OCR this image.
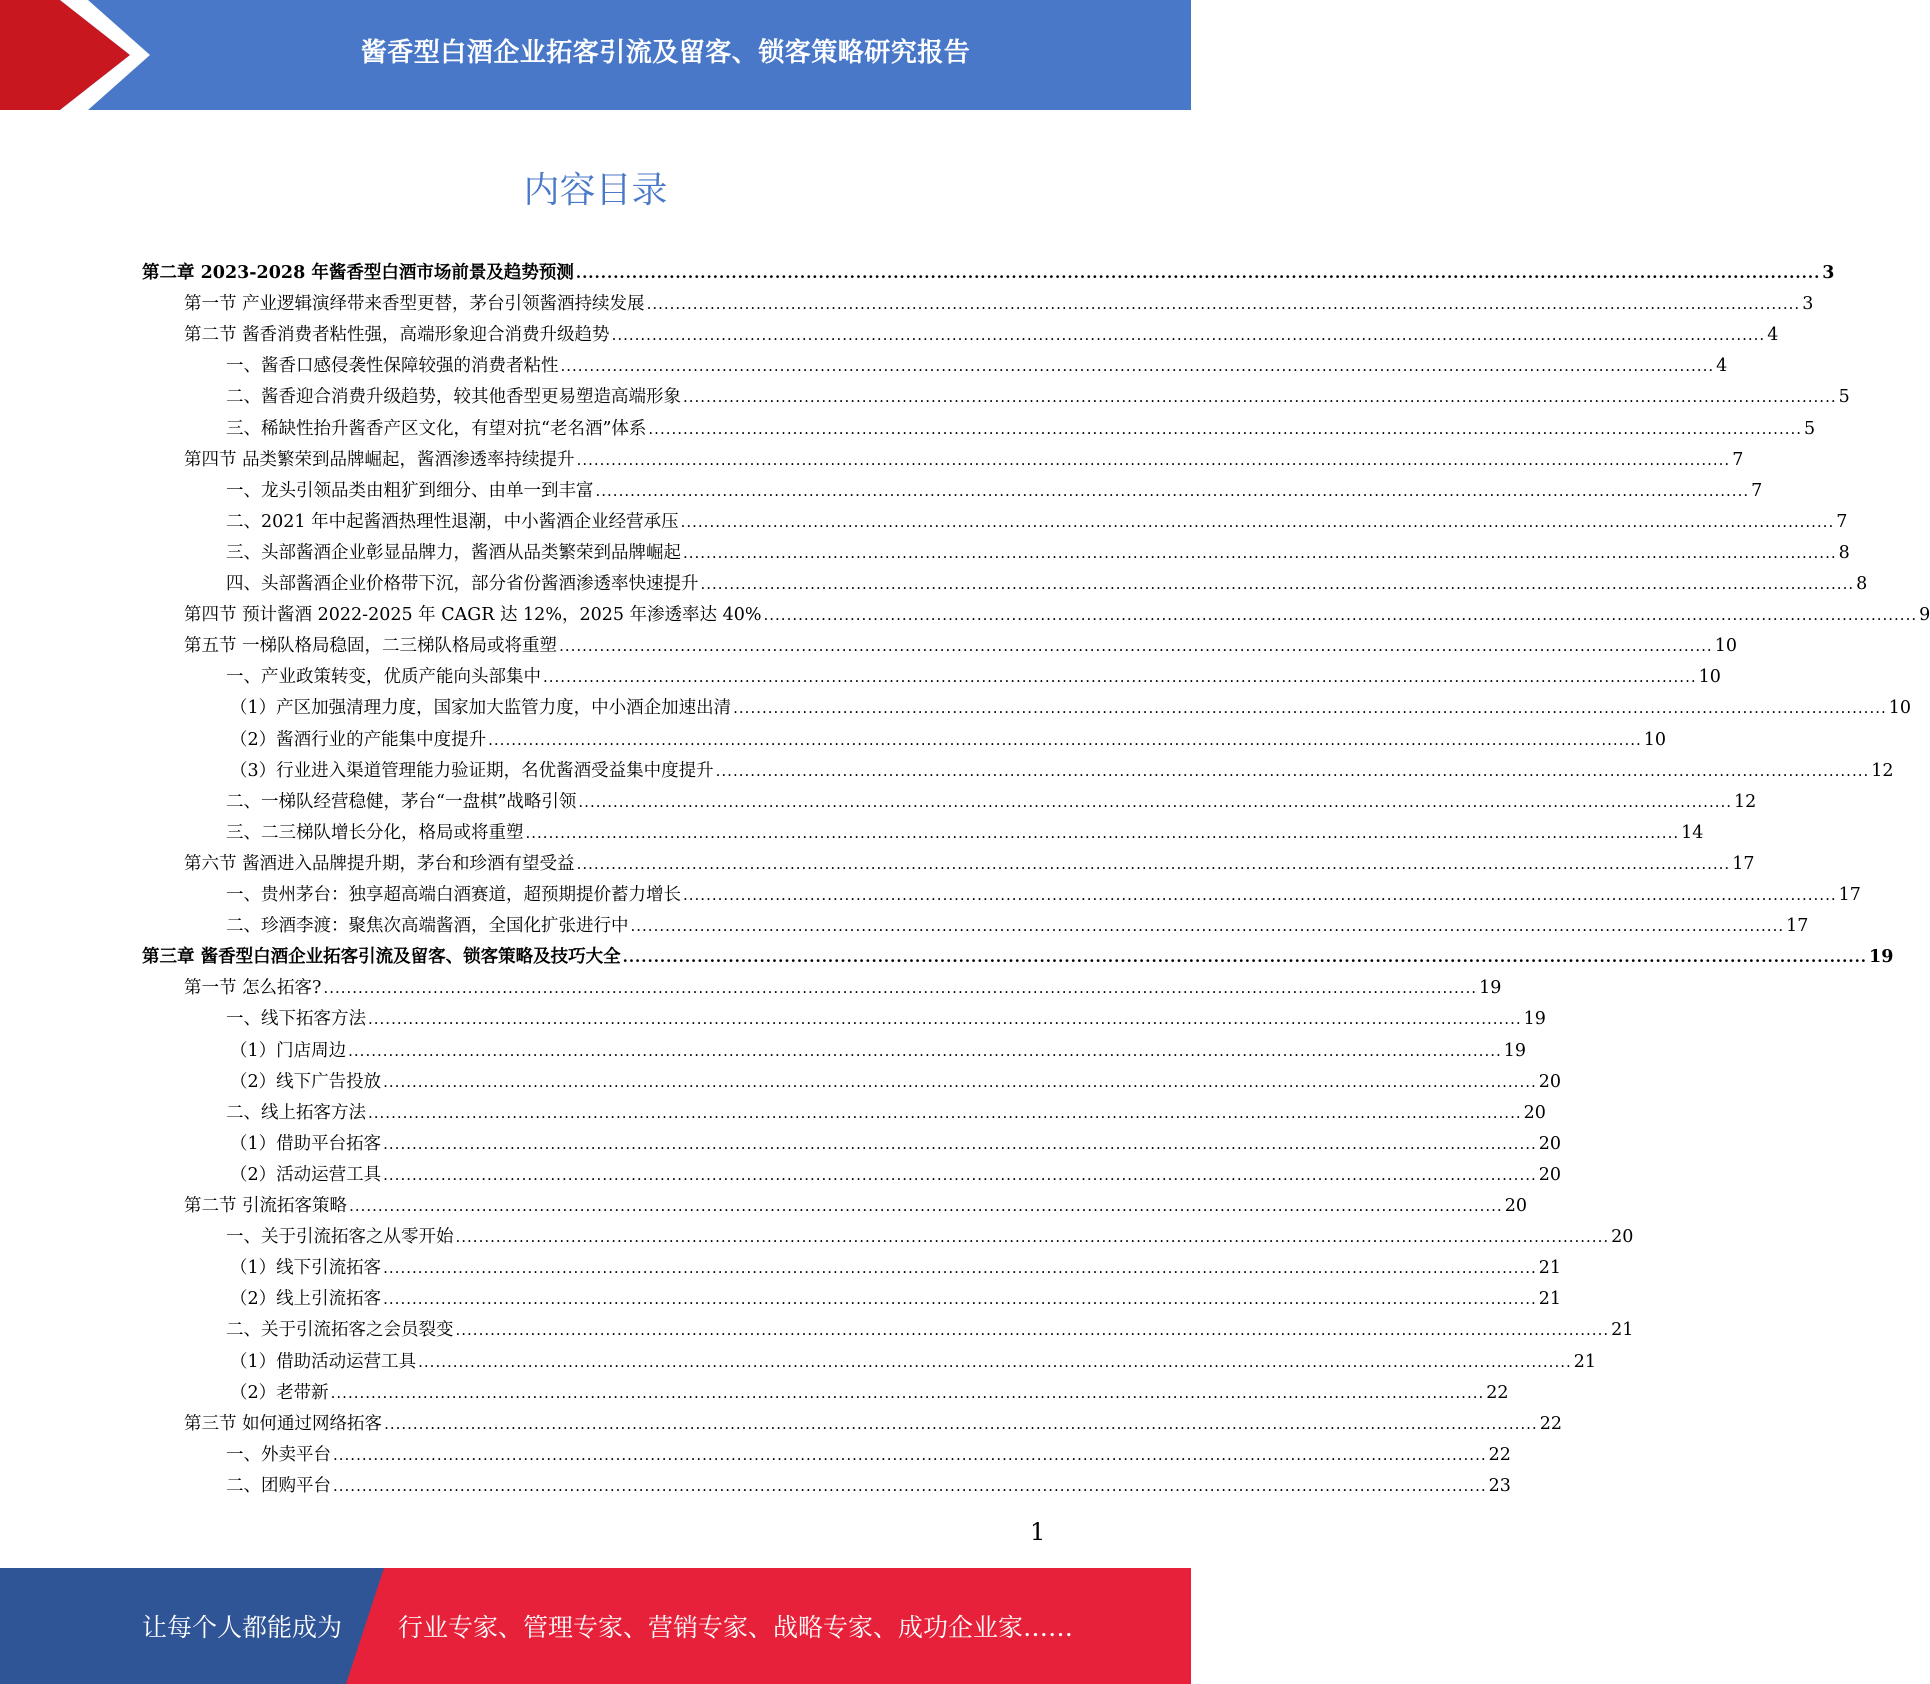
酱香型白酒企业拓客引流及留客、锁客策略研究报告
内容目录
第二章 2023-2028 年酱香型白酒市场前景及趋势预测 ........................................................................................................................................................................................................ 3
第一节 产业逻辑演绎带来香型更替，茅台引领酱酒持续发展 ........................................................................................................................................................................................................ 3
第二节 酱香消费者粘性强，高端形象迎合消费升级趋势 ........................................................................................................................................................................................................ 4
一、酱香口感侵袭性保障较强的消费者粘性 ........................................................................................................................................................................................................ 4
二、酱香迎合消费升级趋势，较其他香型更易塑造高端形象 ........................................................................................................................................................................................................ 5
三、稀缺性抬升酱香产区文化，有望对抗“老名酒”体系 ........................................................................................................................................................................................................ 5
第四节 品类繁荣到品牌崛起，酱酒渗透率持续提升 ........................................................................................................................................................................................................ 7
一、龙头引领品类由粗犷到细分、由单一到丰富 ........................................................................................................................................................................................................ 7
二、2021 年中起酱酒热理性退潮，中小酱酒企业经营承压 ........................................................................................................................................................................................................ 7
三、头部酱酒企业彰显品牌力，酱酒从品类繁荣到品牌崛起 ........................................................................................................................................................................................................ 8
四、头部酱酒企业价格带下沉，部分省份酱酒渗透率快速提升 ........................................................................................................................................................................................................ 8
第四节 预计酱酒 2022-2025 年 CAGR 达 12%，2025 年渗透率达 40% ........................................................................................................................................................................................................ 9
第五节 一梯队格局稳固，二三梯队格局或将重塑 ........................................................................................................................................................................................................ 10
一、产业政策转变，优质产能向头部集中 ........................................................................................................................................................................................................ 10
（1）产区加强清理力度，国家加大监管力度，中小酒企加速出清 ........................................................................................................................................................................................................ 10
（2）酱酒行业的产能集中度提升 ........................................................................................................................................................................................................ 10
（3）行业进入渠道管理能力验证期，名优酱酒受益集中度提升 ........................................................................................................................................................................................................ 12
二、一梯队经营稳健，茅台“一盘棋”战略引领 ........................................................................................................................................................................................................ 12
三、二三梯队增长分化，格局或将重塑 ........................................................................................................................................................................................................ 14
第六节 酱酒进入品牌提升期，茅台和珍酒有望受益 ........................................................................................................................................................................................................ 17
一、贵州茅台：独享超高端白酒赛道，超预期提价蓄力增长 ........................................................................................................................................................................................................ 17
二、珍酒李渡：聚焦次高端酱酒，全国化扩张进行中 ........................................................................................................................................................................................................ 17
第三章 酱香型白酒企业拓客引流及留客、锁客策略及技巧大全 ........................................................................................................................................................................................................ 19
第一节 怎么拓客? ........................................................................................................................................................................................................ 19
一、线下拓客方法 ........................................................................................................................................................................................................ 19
（1）门店周边 ........................................................................................................................................................................................................ 19
（2）线下广告投放 ........................................................................................................................................................................................................ 20
二、线上拓客方法 ........................................................................................................................................................................................................ 20
（1）借助平台拓客 ........................................................................................................................................................................................................ 20
（2）活动运营工具 ........................................................................................................................................................................................................ 20
第二节 引流拓客策略 ........................................................................................................................................................................................................ 20
一、关于引流拓客之从零开始 ........................................................................................................................................................................................................ 20
（1）线下引流拓客 ........................................................................................................................................................................................................ 21
（2）线上引流拓客 ........................................................................................................................................................................................................ 21
二、关于引流拓客之会员裂变 ........................................................................................................................................................................................................ 21
（1）借助活动运营工具 ........................................................................................................................................................................................................ 21
（2）老带新 ........................................................................................................................................................................................................ 22
第三节 如何通过网络拓客 ........................................................................................................................................................................................................ 22
一、外卖平台 ........................................................................................................................................................................................................ 22
二、团购平台 ........................................................................................................................................................................................................ 23
1
让每个人都能成为 行业专家、管理专家、营销专家、战略专家、成功企业家……
